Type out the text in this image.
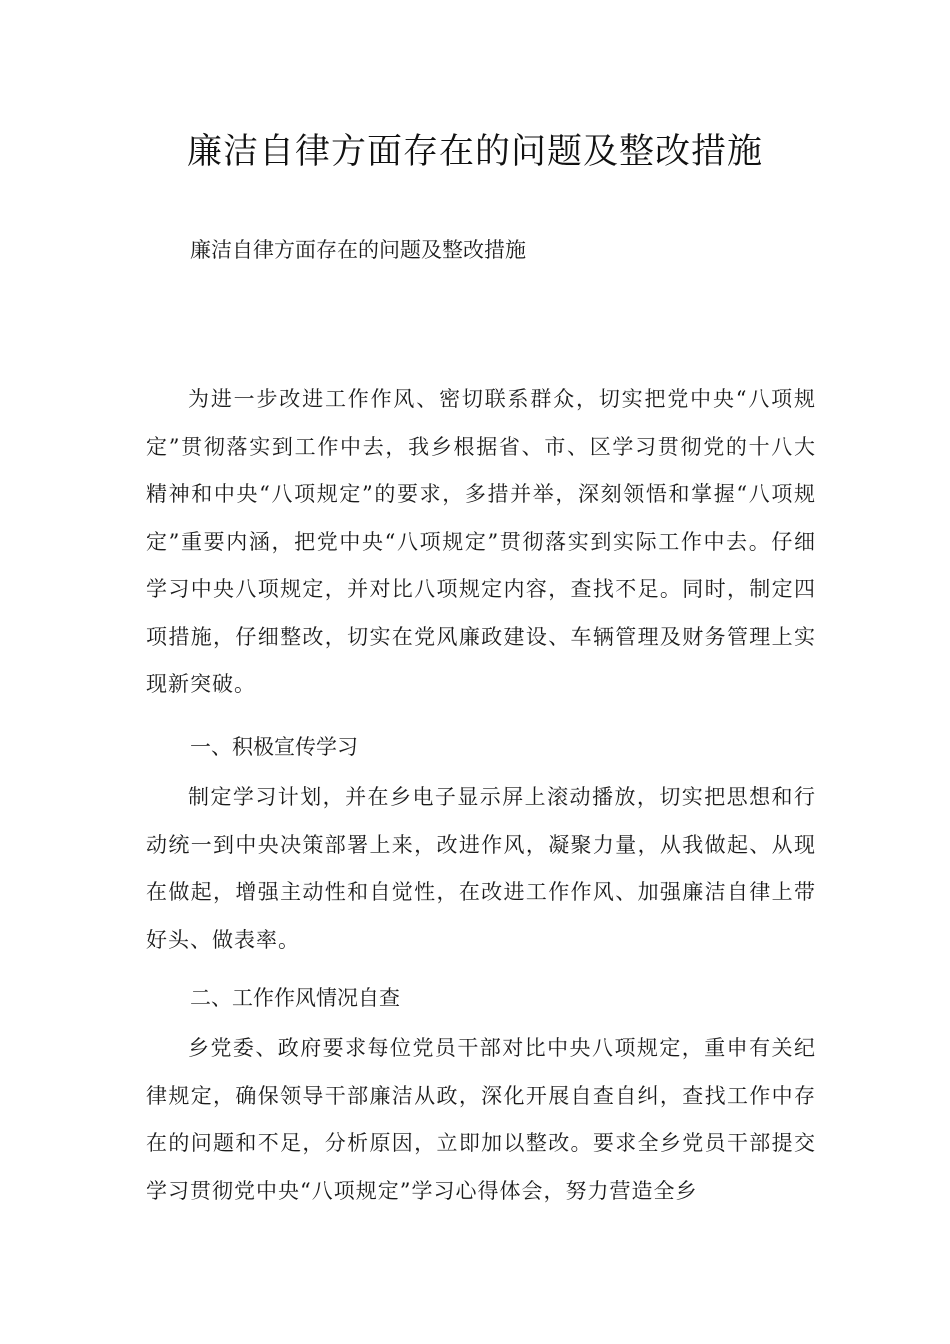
廉洁自律方面存在的问题及整改措施
廉洁自律方面存在的问题及整改措施

为进一步改进工作作风、密切联系群众，切实把党中央“八项规定”贯彻落实到工作中去，我乡根据省、市、区学习贯彻党的十八大精神和中央“八项规定”的要求，多措并举，深刻领悟和掌握“八项规定”重要内涵，把党中央“八项规定”贯彻落实到实际工作中去。仔细学习中央八项规定，并对比八项规定内容，查找不足。同时，制定四项措施，仔细整改，切实在党风廉政建设、车辆管理及财务管理上实现新突破。

一、积极宣传学习

制定学习计划，并在乡电子显示屏上滚动播放，切实把思想和行动统一到中央决策部署上来，改进作风，凝聚力量，从我做起、从现在做起，增强主动性和自觉性，在改进工作作风、加强廉洁自律上带好头、做表率。

二、工作作风情况自查

乡党委、政府要求每位党员干部对比中央八项规定，重申有关纪律规定，确保领导干部廉洁从政，深化开展自查自纠，查找工作中存在的问题和不足，分析原因，立即加以整改。要求全乡党员干部提交学习贯彻党中央“八项规定”学习心得体会，努力营造全乡
